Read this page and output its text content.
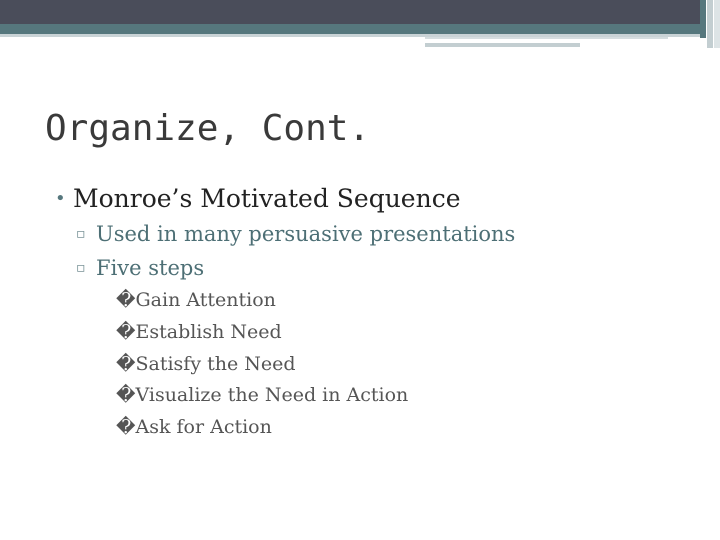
Organize, Cont.
• Monroe’s Motivated Sequence
▫ Used in many persuasive presentations
▫ Five steps
�Gain Attention
�Establish Need
�Satisfy the Need
�Visualize the Need in Action
�Ask for Action
